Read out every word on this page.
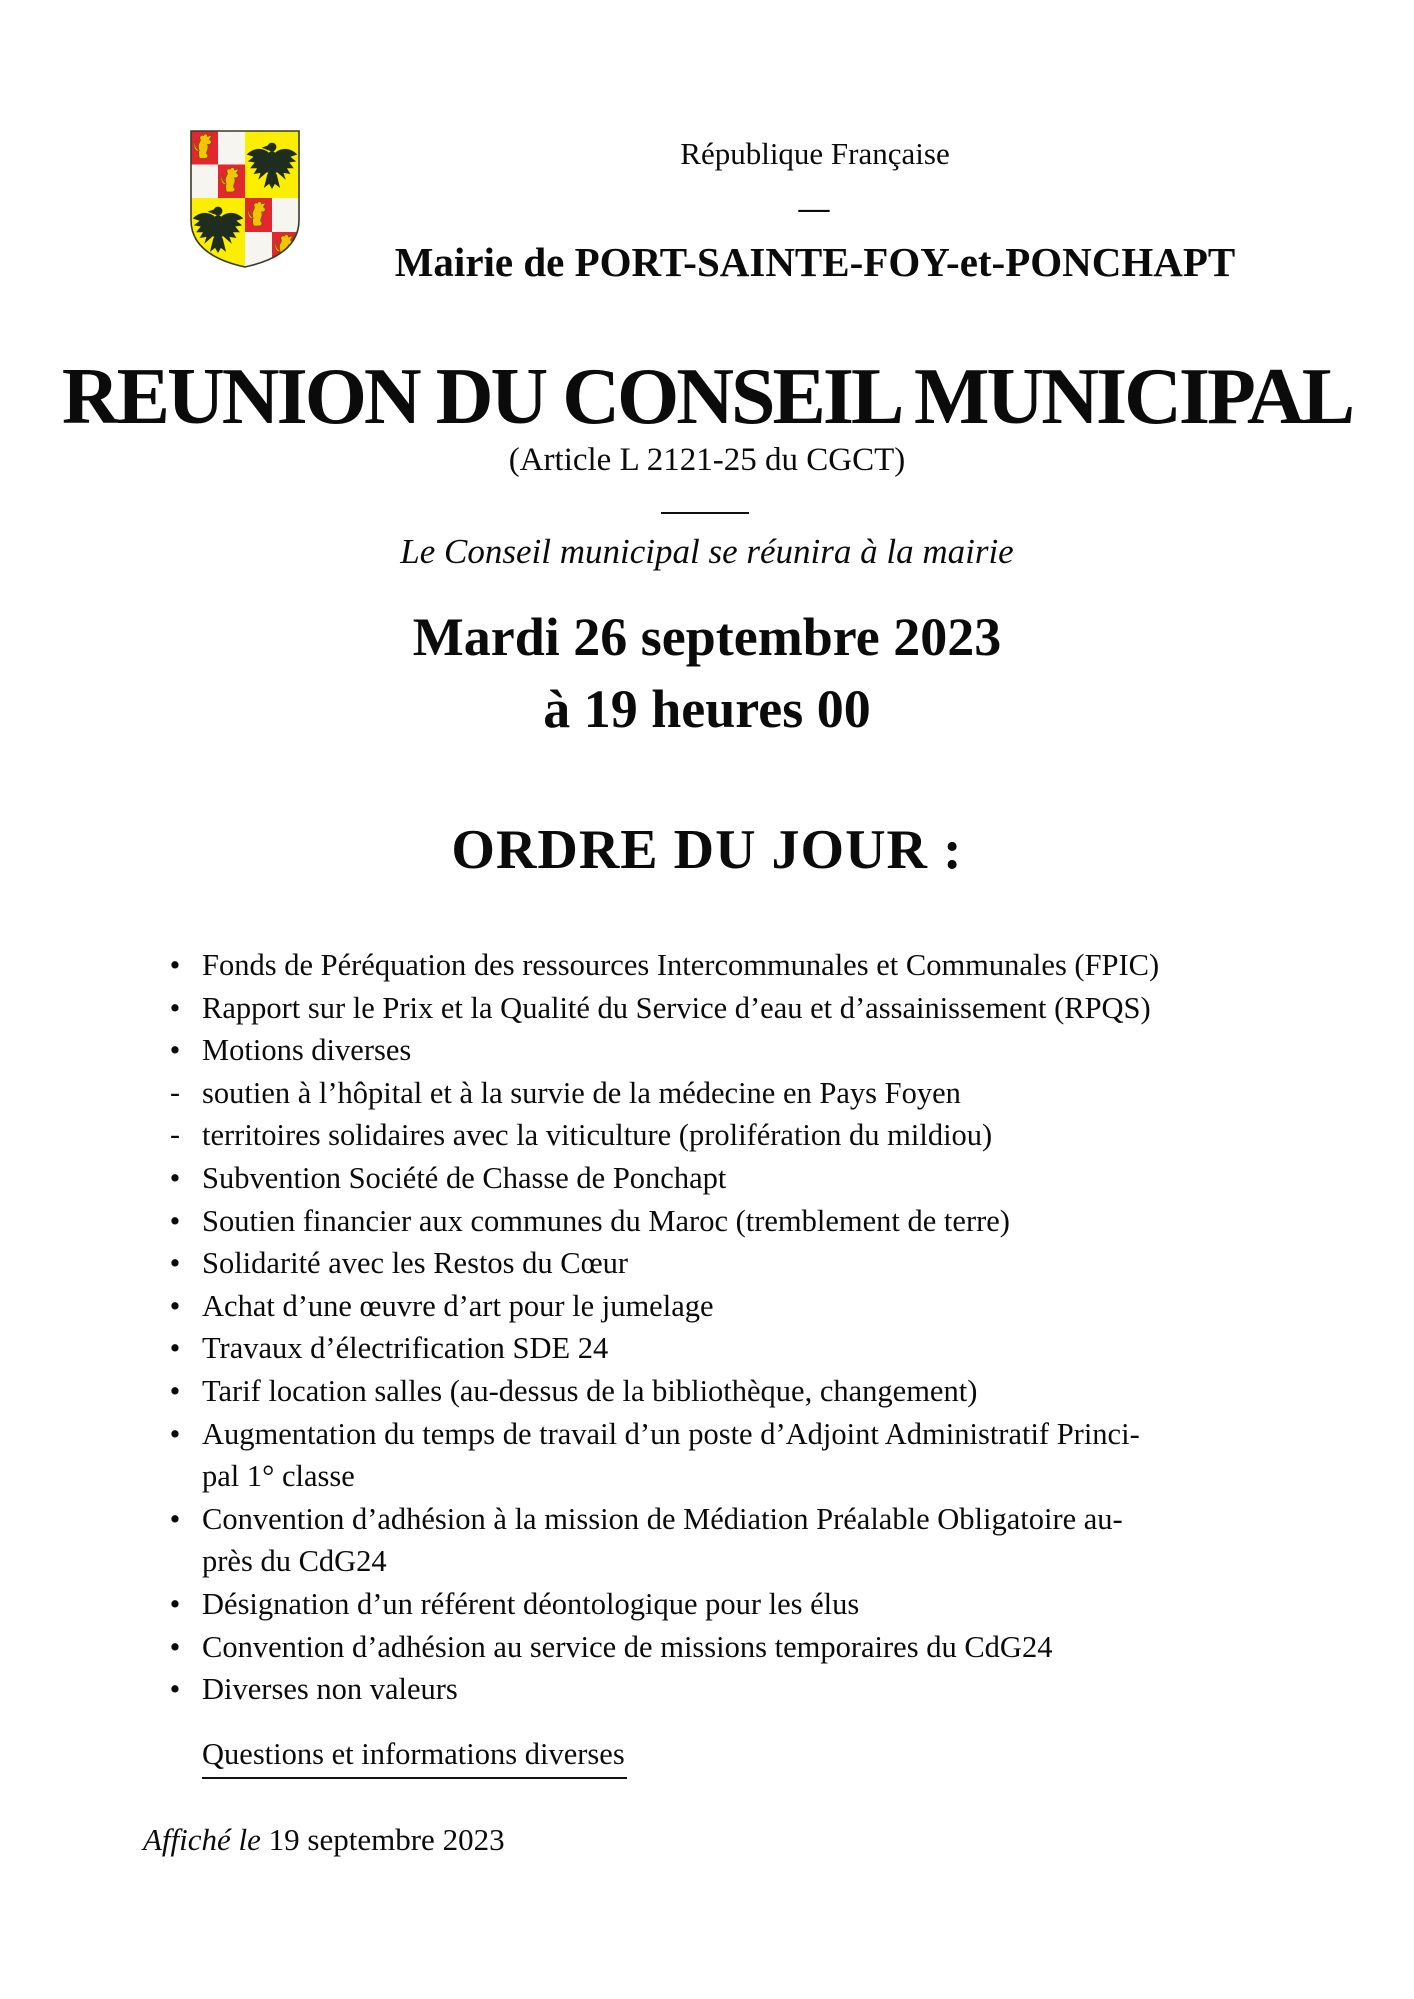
République Française
—
Mairie de PORT-SAINTE-FOY-et-PONCHAPT
REUNION DU CONSEIL MUNICIPAL
(Article L 2121-25 du CGCT)
Le Conseil municipal se réunira à la mairie
Mardi 26 septembre 2023
à 19 heures 00
ORDRE DU JOUR :
• Fonds de Péréquation des ressources Intercommunales et Communales (FPIC)
• Rapport sur le Prix et la Qualité du Service d’eau et d’assainissement (RPQS)
• Motions diverses
- soutien à l’hôpital et à la survie de la médecine en Pays Foyen
- territoires solidaires avec la viticulture (prolifération du mildiou)
• Subvention Société de Chasse de Ponchapt
• Soutien financier aux communes du Maroc (tremblement de terre)
• Solidarité avec les Restos du Cœur
• Achat d’une œuvre d’art pour le jumelage
• Travaux d’électrification SDE 24
• Tarif location salles (au-dessus de la bibliothèque, changement)
• Augmentation du temps de travail d’un poste d’Adjoint Administratif Princi-
pal 1° classe
• Convention d’adhésion à la mission de Médiation Préalable Obligatoire au-
près du CdG24
• Désignation d’un référent déontologique pour les élus
• Convention d’adhésion au service de missions temporaires du CdG24
• Diverses non valeurs
Questions et informations diverses
Affiché le 19 septembre 2023
